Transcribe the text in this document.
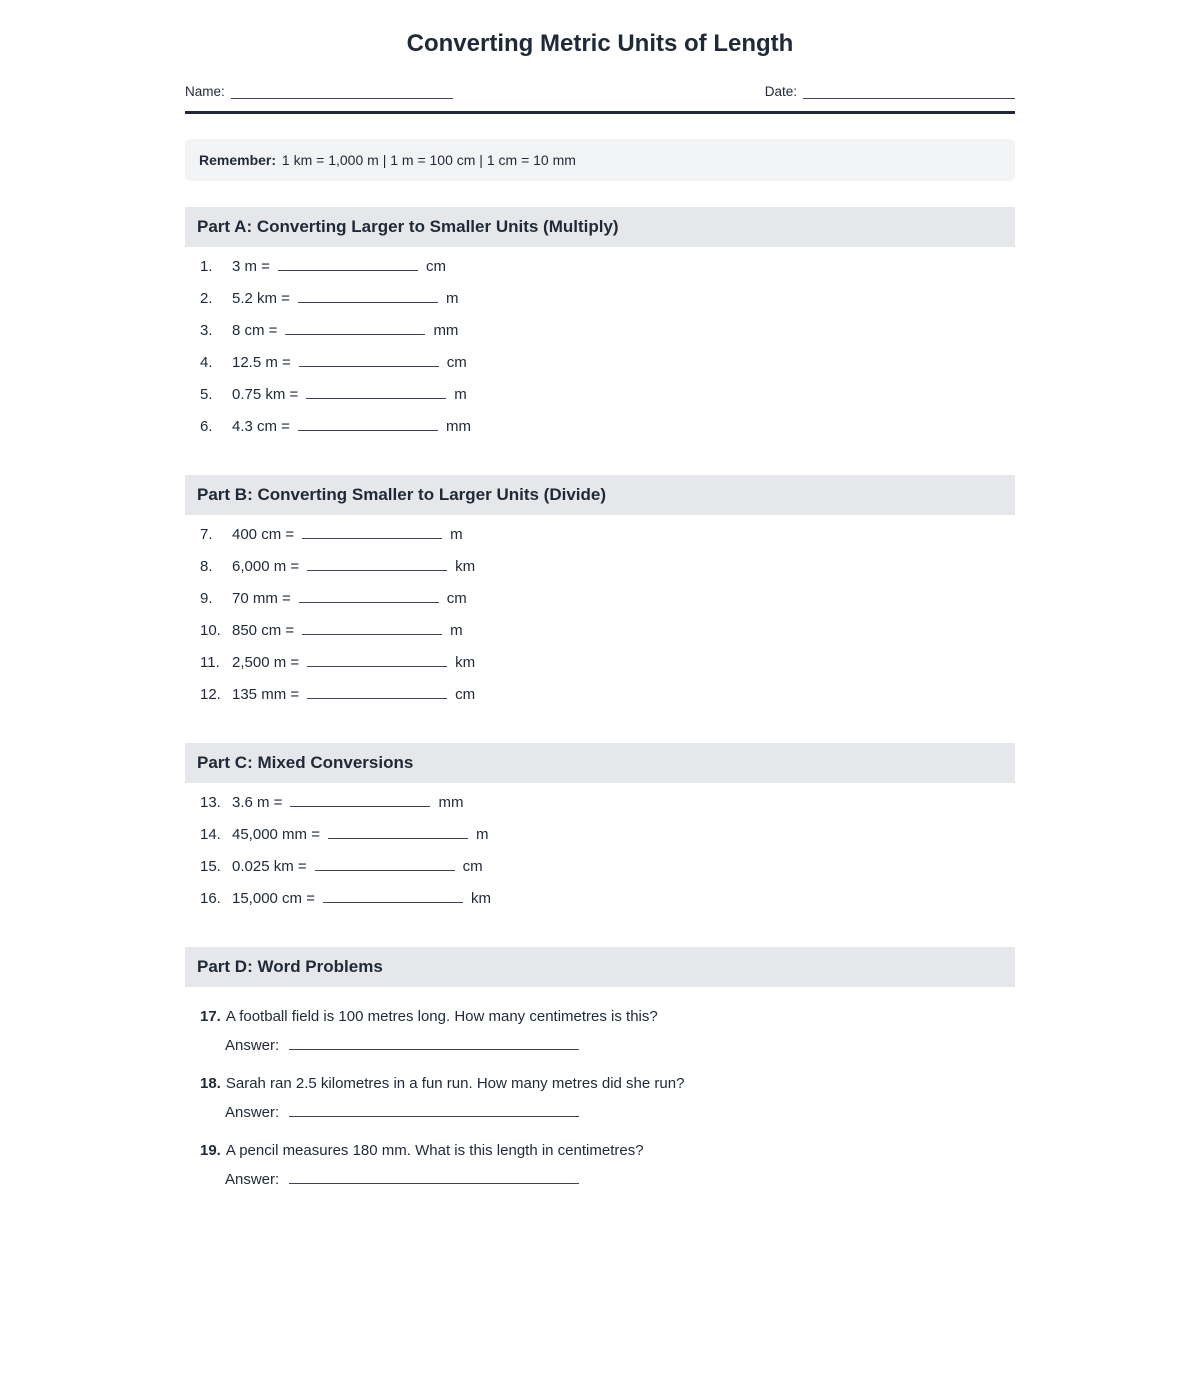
Converting Metric Units of Length
Name:	Date:
Remember: 1 km = 1,000 m | 1 m = 100 cm | 1 cm = 10 mm
Part A: Converting Larger to Smaller Units (Multiply)
1.	3 m =	cm
2.	5.2 km =	m
3.	8 cm =	mm
4.	12.5 m =	cm
5.	0.75 km =	m
6.	4.3 cm =	mm
Part B: Converting Smaller to Larger Units (Divide)
7.	400 cm =	m
8.	6,000 m =	km
9.	70 mm =	cm
10. 850 cm =	m
11. 2,500 m =	km
12. 135 mm =	cm
Part C: Mixed Conversions
13. 3.6 m =	mm
14. 45,000 mm =	m
15. 0.025 km =	cm
16. 15,000 cm =	km
Part D: Word Problems
17. A football field is 100 metres long. How many centimetres is this?
Answer:
18. Sarah ran 2.5 kilometres in a fun run. How many metres did she run?
Answer:
19. A pencil measures 180 mm. What is this length in centimetres?
Answer:
